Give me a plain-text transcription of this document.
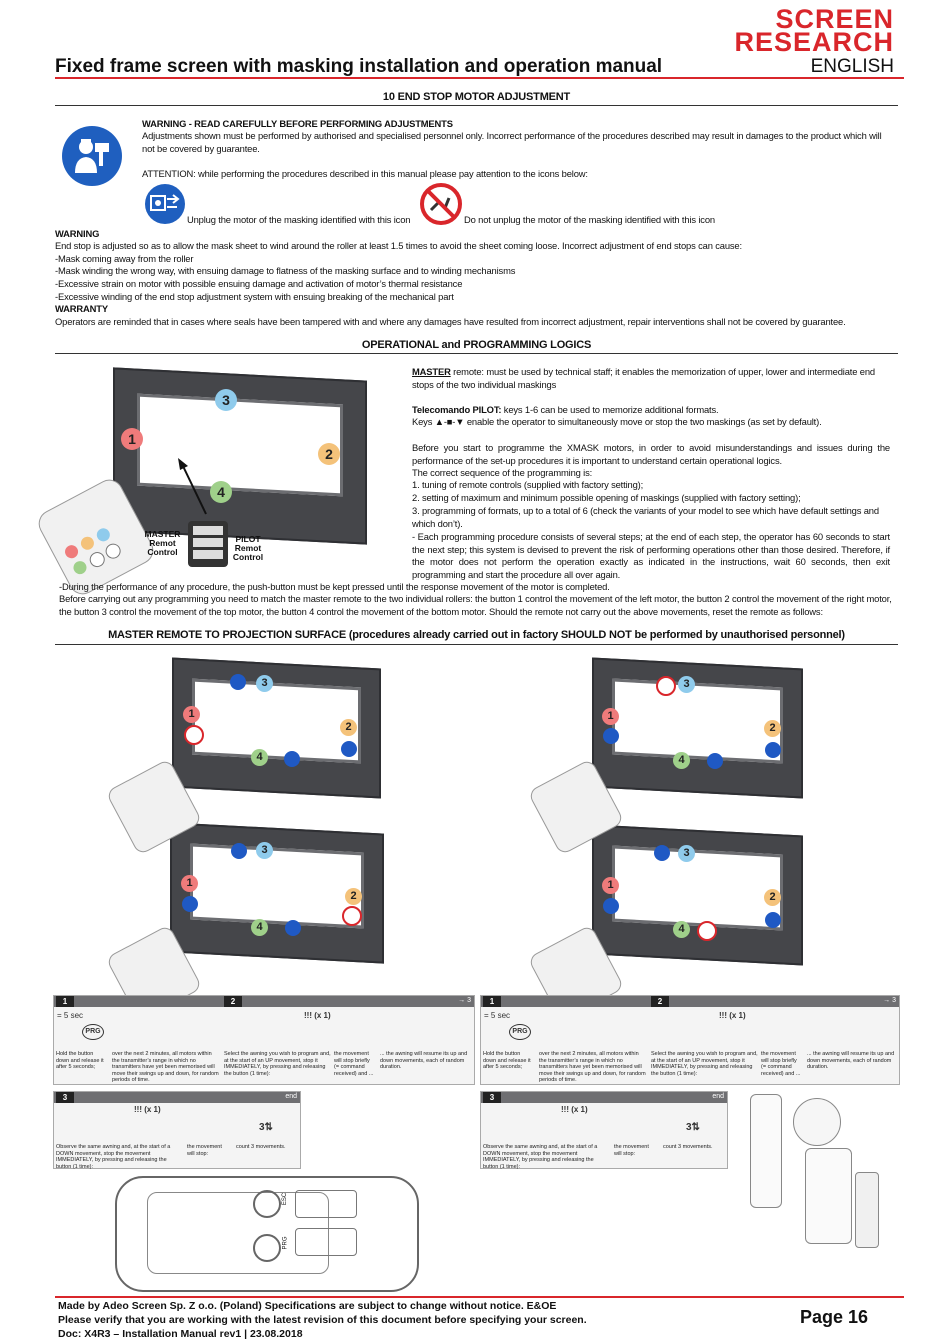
SCREEN
RESEARCH
Fixed frame screen with masking installation and operation manual	ENGLISH
10 END STOP MOTOR ADJUSTMENT
WARNING - READ CAREFULLY BEFORE PERFORMING ADJUSTMENTS
Adjustments shown must be performed by authorised and specialised personnel only. Incorrect performance of the procedures described may result in damages to the product which will not be covered by guarantee.
ATTENTION: while performing the procedures described in this manual please pay attention to the icons below:
Unplug the motor of the masking identified with this icon	Do not unplug the motor of the masking identified with this icon
WARNING
End stop is adjusted so as to allow the mask sheet to wind around the roller at least 1.5 times to avoid the sheet coming loose. Incorrect adjustment of end stops can cause:
-Mask coming away from the roller
-Mask winding the wrong way, with ensuing damage to flatness of the masking surface and to winding mechanisms
-Excessive strain on motor with possible ensuing damage and activation of motor’s thermal resistance
-Excessive winding of the end stop adjustment system with ensuing breaking of the mechanical part
WARRANTY
Operators are reminded that in cases where seals have been tampered with and where any damages have resulted from incorrect adjustment, repair interventions shall not be covered by guarantee.
OPERATIONAL and PROGRAMMING LOGICS
3
1
2
4
MASTER
Remot
Control
PILOT
Remot
Control
MASTER remote: must be used by technical staff; it enables the memorization of upper, lower and intermediate end stops of the two individual maskings
Telecomando PILOT: keys 1-6 can be used to memorize additional formats.
Keys ▲-■-▼ enable the operator to simultaneously move or stop the two maskings (as set by default).
Before you start to programme the XMASK motors, in order to avoid misunderstandings and issues during the performance of the set-up procedures it is important to understand certain operational logics.
The correct sequence of the programming is:
1. tuning of remote controls (supplied with factory setting);
2. setting of maximum and minimum possible opening of maskings (supplied with factory setting);
3. programming of formats, up to a total of 6 (check the variants of your model to see which have default settings and which don’t).
- Each programming procedure consists of several steps; at the end of each step, the operator has 60 seconds to start the next step; this system is devised to prevent the risk of performing operations other than those desired. Therefore, if the motor does not perform the operation exactly as indicated in the instructions, wait 60 seconds, then exit programming and start the procedure all over again.
-During the performance of any procedure, the push-button must be kept pressed until the response movement of the motor is completed.
Before carrying out any programming you need to match the master remote to the two individual rollers: the button 1 control the movement of the left motor, the button 2 control the movement of the right motor, the button 3 control the movement of the top motor, the button 4 control the movement of the bottom motor. Should the remote not carry out the above movements, reset the remote as follows:
MASTER REMOTE TO PROJECTION SURFACE (procedures already carried out in factory SHOULD NOT be performed by unauthorised personnel)
3
1
2
4
3
1
2
4
3
1
2
4
3
1
2
4
1	2	→ 3
= 5 sec
PRG
!!! (x 1)
Hold the button down and release it after 5 seconds;
over the next 2 minutes, all motors within the transmitter’s range in which no transmitters have yet been memorised will move their swings up and down, for random periods of time.
Select the awning you wish to program and, at the start of an UP movement, stop it IMMEDIATELY, by pressing and releasing the button (1 time):
the movement will stop briefly (= command received) and ...
... the awning will resume its up and down movements, each of random duration.
1	2	→ 3
= 5 sec
PRG
!!! (x 1)
Hold the button down and release it after 5 seconds;
over the next 2 minutes, all motors within the transmitter’s range in which no transmitters have yet been memorised will move their swings up and down, for random periods of time.
Select the awning you wish to program and, at the start of an UP movement, stop it IMMEDIATELY, by pressing and releasing the button (1 time):
the movement will stop briefly (= command received) and ...
... the awning will resume its up and down movements, each of random duration.
3	end
!!! (x 1)
3⇅
Observe the same awning and, at the start of a DOWN movement, stop the movement IMMEDIATELY, by pressing and releasing the button (1 time):
the movement will stop:
count 3 movements.
3	end
!!! (x 1)
3⇅
Observe the same awning and, at the start of a DOWN movement, stop the movement IMMEDIATELY, by pressing and releasing the button (1 time):
the movement will stop:
count 3 movements.
ESC
PRG
Made by Adeo Screen Sp. Z o.o. (Poland) Specifications are subject to change without notice. E&OE
Please verify that you are working with the latest revision of this document before specifying your screen.
Doc: X4R3 – Installation Manual rev1 | 23.08.2018
Page 16
